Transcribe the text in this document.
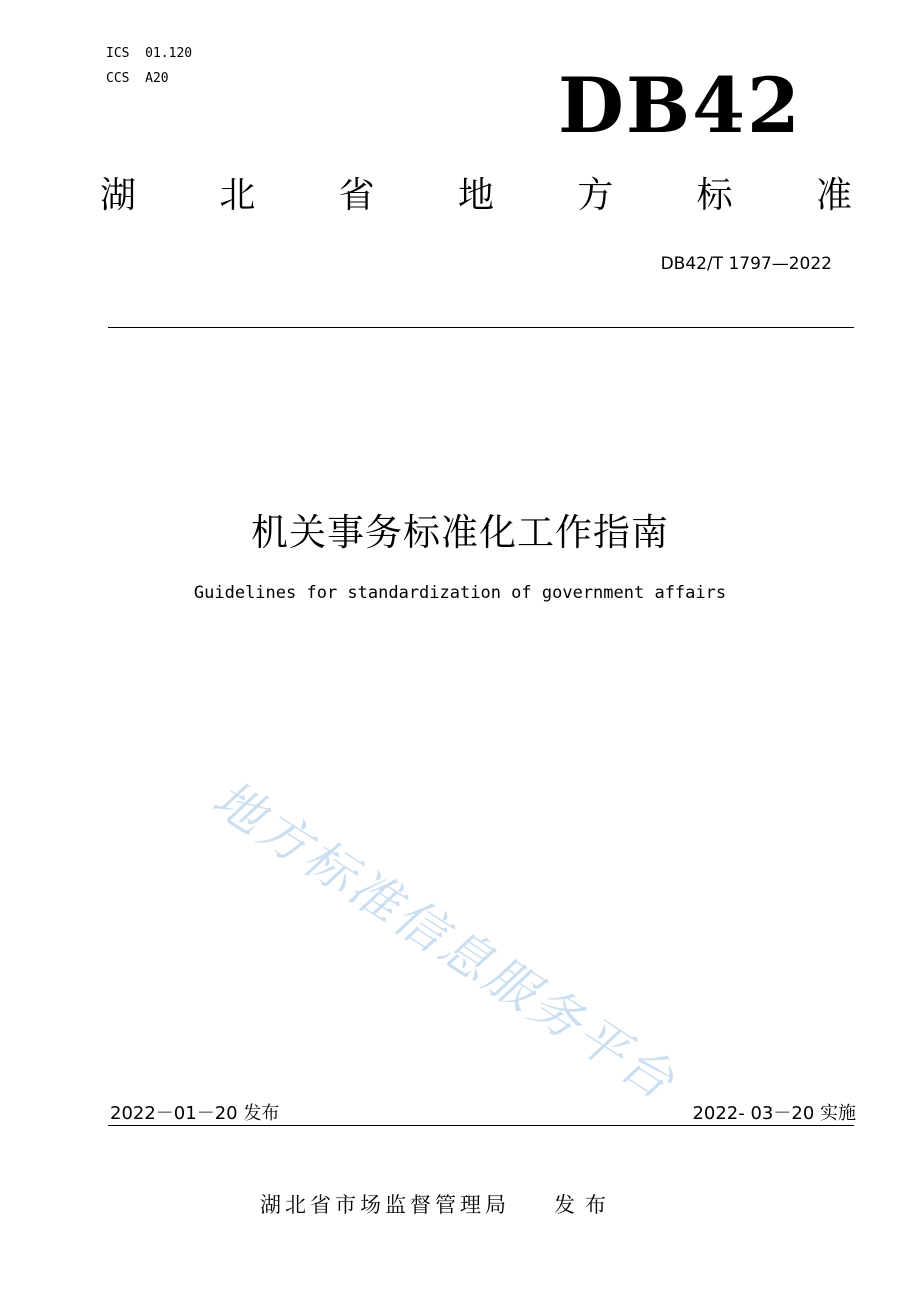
ICS  01.120
CCS  A20	DB42
湖 北 省 地 方 标 准
DB42/T 1797—2022
机关事务标准化工作指南
Guidelines for standardization of government affairs
地方标准信息服务平台
2022－01－20 发布	2022- 03－20 实施
湖北省市场监督管理局 发布
